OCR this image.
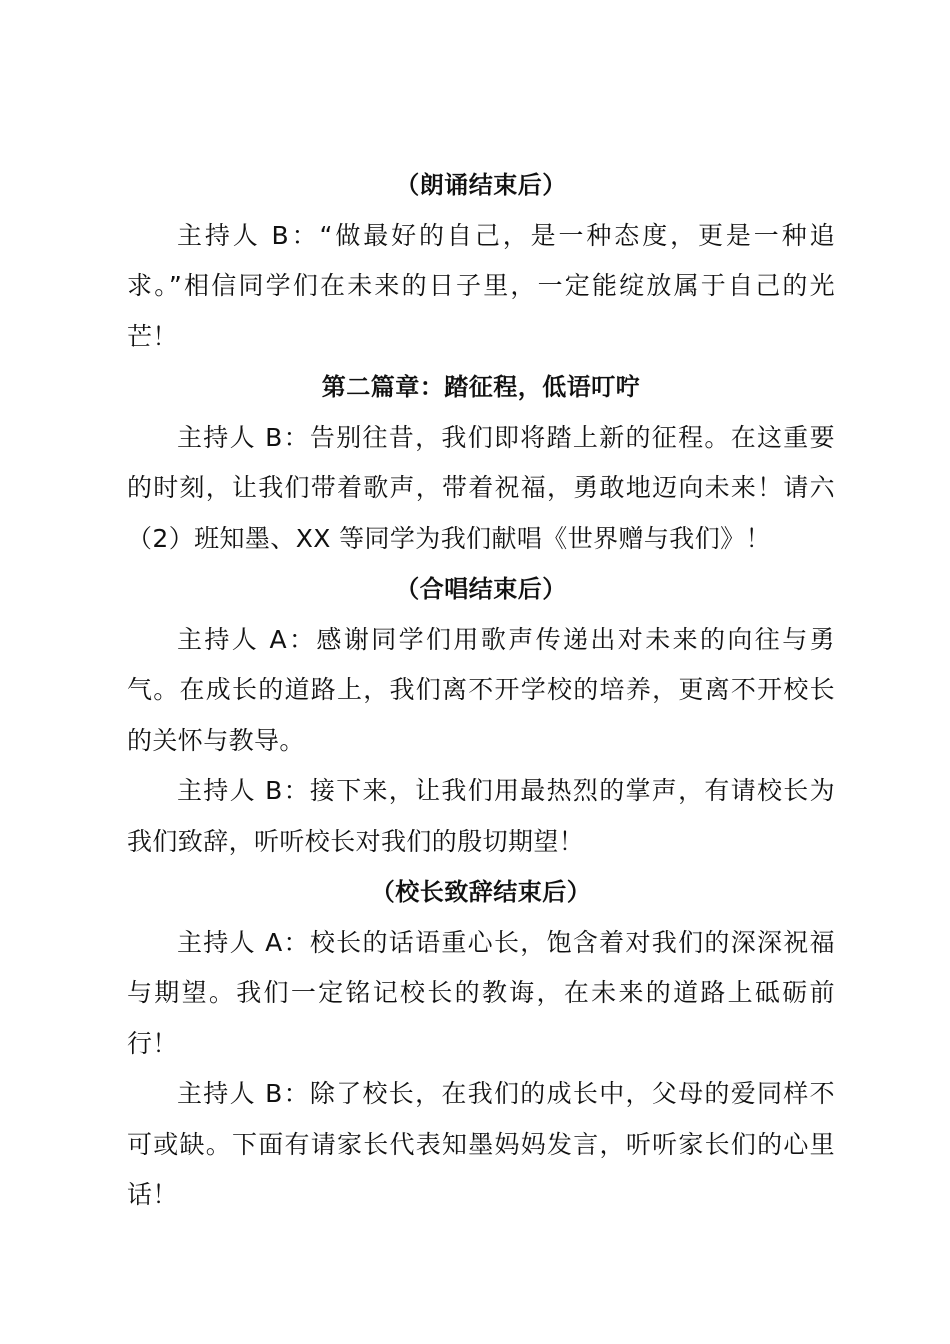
（朗诵结束后）

主持人 B：“做最好的自己，是一种态度，更是一种追求。”相信同学们在未来的日子里，一定能绽放属于自己的光芒！

第二篇章：踏征程，低语叮咛

主持人 B：告别往昔，我们即将踏上新的征程。在这重要的时刻，让我们带着歌声，带着祝福，勇敢地迈向未来！请六（2）班知墨、XX 等同学为我们献唱《世界赠与我们》！

（合唱结束后）

主持人 A：感谢同学们用歌声传递出对未来的向往与勇气。在成长的道路上，我们离不开学校的培养，更离不开校长的关怀与教导。

主持人 B：接下来，让我们用最热烈的掌声，有请校长为我们致辞，听听校长对我们的殷切期望！

（校长致辞结束后）

主持人 A：校长的话语重心长，饱含着对我们的深深祝福与期望。我们一定铭记校长的教诲，在未来的道路上砥砺前行！

主持人 B：除了校长，在我们的成长中，父母的爱同样不可或缺。下面有请家长代表知墨妈妈发言，听听家长们的心里话！
